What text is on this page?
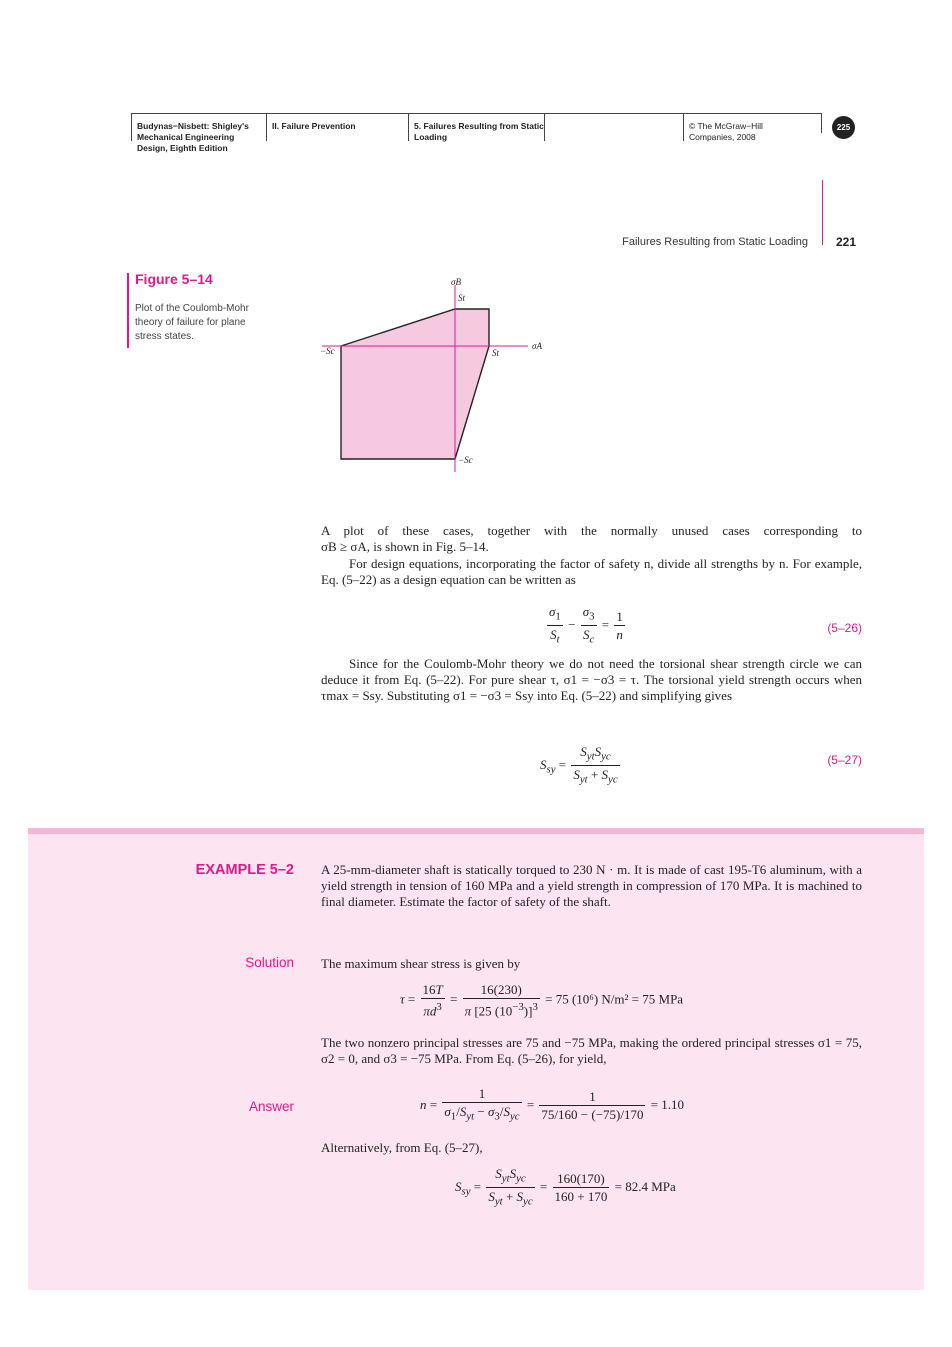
Budynas−Nisbett: Shigley's Mechanical Engineering Design, Eighth Edition
II. Failure Prevention	5. Failures Resulting from Static Loading
© The McGraw−Hill Companies, 2008
225
Failures Resulting from Static Loading 221
Figure 5–14
Plot of the Coulomb-Mohr theory of failure for plane stress states.
σB
St
St
−Sc
−Sc
σA
A plot of these cases, together with the normally unused cases corresponding to
σB ≥ σA, is shown in Fig. 5–14.
For design equations, incorporating the factor of safety n, divide all strengths by n. For example, Eq. (5–22) as a design equation can be written as
$\frac{\sigma_1}{S_t} - \frac{\sigma_3}{S_c} = \frac{1}{n}$	(5–26)
Since for the Coulomb-Mohr theory we do not need the torsional shear strength circle we can deduce it from Eq. (5–22). For pure shear τ, σ1 = −σ3 = τ. The torsional yield strength occurs when τmax = Ssy. Substituting σ1 = −σ3 = Ssy into Eq. (5–22) and simplifying gives
$S_{sy} = \frac{S_{yt}S_{yc}}{S_{yt} + S_{yc}}$	(5–27)
EXAMPLE 5–2 A 25-mm-diameter shaft is statically torqued to 230 N · m. It is made of cast 195-T6 aluminum, with a yield strength in tension of 160 MPa and a yield strength in compression of 170 MPa. It is machined to final diameter. Estimate the factor of safety of the shaft.
Solution The maximum shear stress is given by
$\tau = \frac{16T}{\pi d^3} = \frac{16(230)}{\pi [25 (10^{-3})]^3} = 75$ (10⁶) N/m² = 75 MPa
The two nonzero principal stresses are 75 and −75 MPa, making the ordered principal stresses σ1 = 75, σ2 = 0, and σ3 = −75 MPa. From Eq. (5–26), for yield,
Answer	$n = \frac{1}{\sigma_1/S_{yt} - \sigma_3/S_{yc}} = \frac{1}{75/160 - (-75)/170} = 1.10$
Alternatively, from Eq. (5–27),
$S_{sy} = \frac{S_{yt}S_{yc}}{S_{yt} + S_{yc}} = \frac{160(170)}{160 + 170} = 82.4$ MPa
